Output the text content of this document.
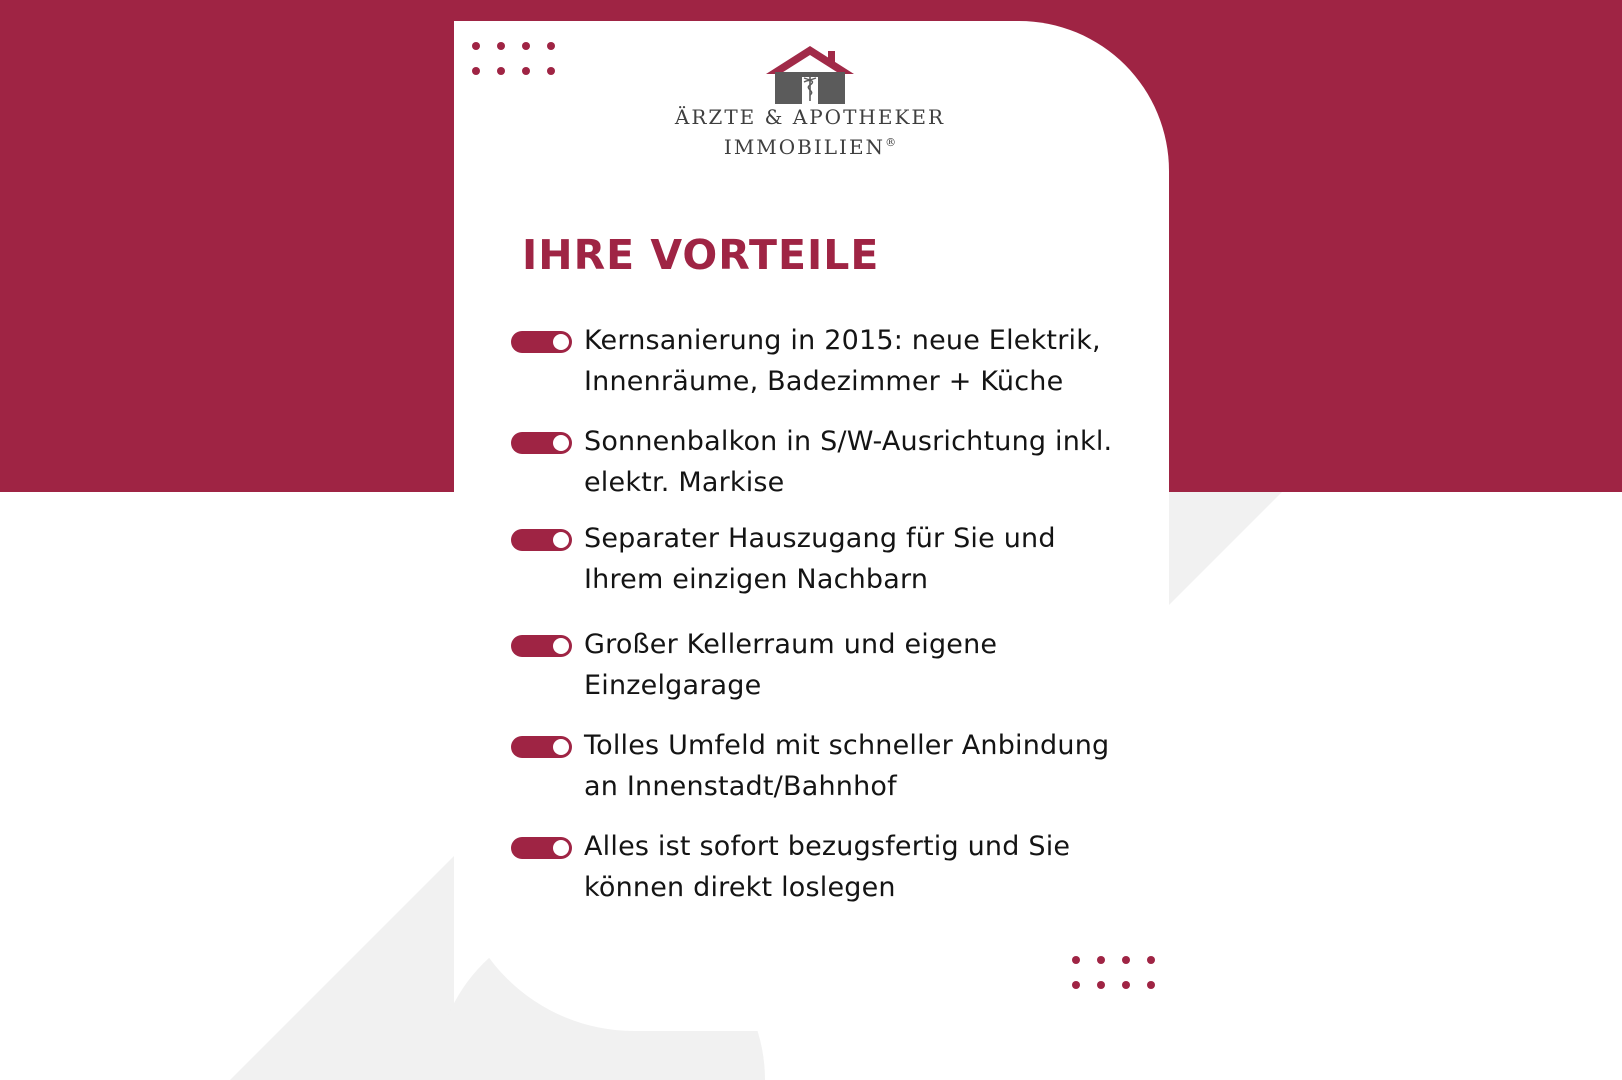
ÄRZTE & APOTHEKER
IMMOBILIEN®
IHRE VORTEILE

Kernsanierung in 2015: neue Elektrik,
Innenräume, Badezimmer + Küche

Sonnenbalkon in S/W-Ausrichtung inkl.
elektr. Markise

Separater Hauszugang für Sie und
Ihrem einzigen Nachbarn

Großer Kellerraum und eigene
Einzelgarage

Tolles Umfeld mit schneller Anbindung
an Innenstadt/Bahnhof

Alles ist sofort bezugsfertig und Sie
können direkt loslegen
